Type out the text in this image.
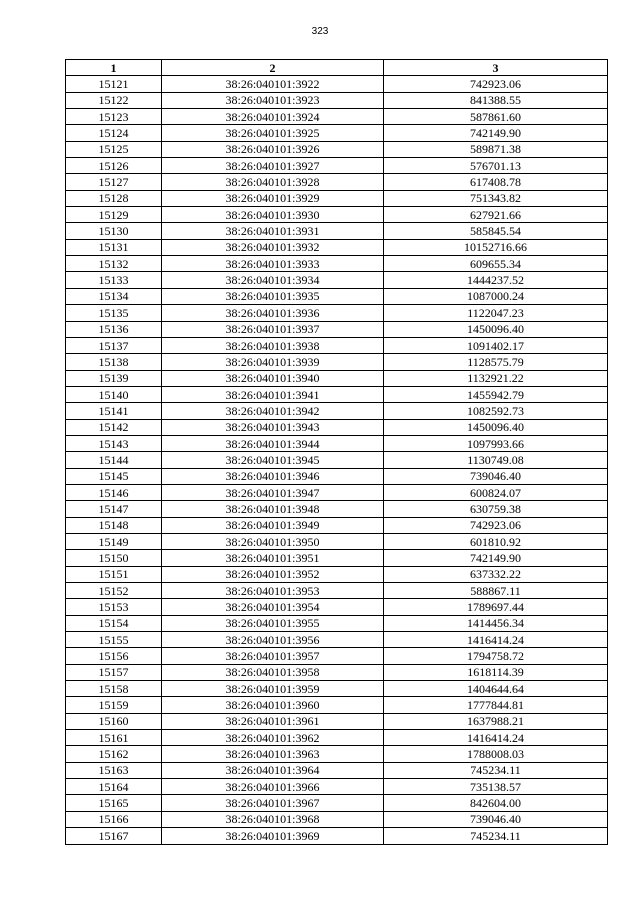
323
1	2	3
15121	38:26:040101:3922	742923.06
15122	38:26:040101:3923	841388.55
15123	38:26:040101:3924	587861.60
15124	38:26:040101:3925	742149.90
15125	38:26:040101:3926	589871.38
15126	38:26:040101:3927	576701.13
15127	38:26:040101:3928	617408.78
15128	38:26:040101:3929	751343.82
15129	38:26:040101:3930	627921.66
15130	38:26:040101:3931	585845.54
15131	38:26:040101:3932	10152716.66
15132	38:26:040101:3933	609655.34
15133	38:26:040101:3934	1444237.52
15134	38:26:040101:3935	1087000.24
15135	38:26:040101:3936	1122047.23
15136	38:26:040101:3937	1450096.40
15137	38:26:040101:3938	1091402.17
15138	38:26:040101:3939	1128575.79
15139	38:26:040101:3940	1132921.22
15140	38:26:040101:3941	1455942.79
15141	38:26:040101:3942	1082592.73
15142	38:26:040101:3943	1450096.40
15143	38:26:040101:3944	1097993.66
15144	38:26:040101:3945	1130749.08
15145	38:26:040101:3946	739046.40
15146	38:26:040101:3947	600824.07
15147	38:26:040101:3948	630759.38
15148	38:26:040101:3949	742923.06
15149	38:26:040101:3950	601810.92
15150	38:26:040101:3951	742149.90
15151	38:26:040101:3952	637332.22
15152	38:26:040101:3953	588867.11
15153	38:26:040101:3954	1789697.44
15154	38:26:040101:3955	1414456.34
15155	38:26:040101:3956	1416414.24
15156	38:26:040101:3957	1794758.72
15157	38:26:040101:3958	1618114.39
15158	38:26:040101:3959	1404644.64
15159	38:26:040101:3960	1777844.81
15160	38:26:040101:3961	1637988.21
15161	38:26:040101:3962	1416414.24
15162	38:26:040101:3963	1788008.03
15163	38:26:040101:3964	745234.11
15164	38:26:040101:3966	735138.57
15165	38:26:040101:3967	842604.00
15166	38:26:040101:3968	739046.40
15167	38:26:040101:3969	745234.11
